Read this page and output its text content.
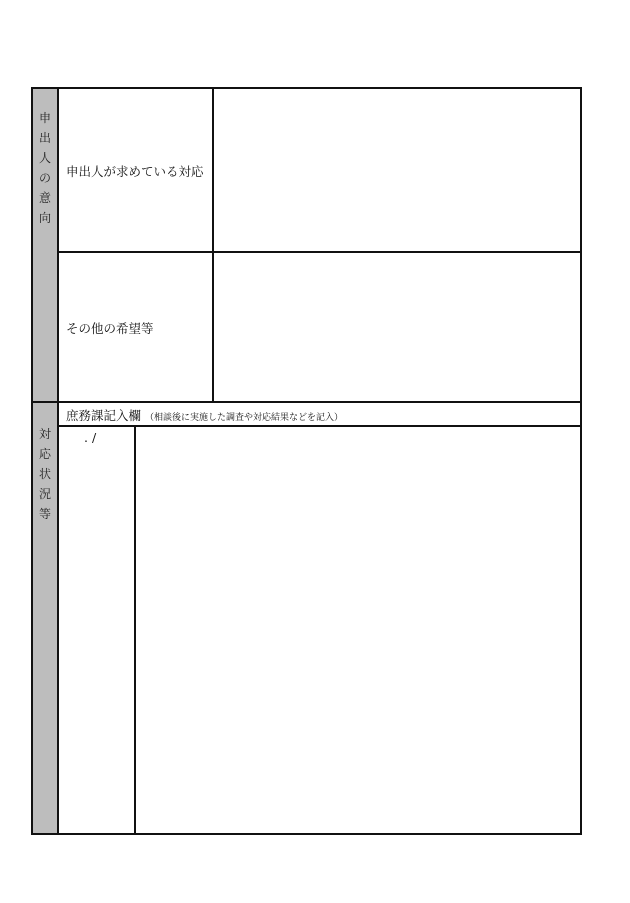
申
出
人
の
意
向
対
応
状
況
等
申出人が求めている対応
その他の希望等
庶務課記入欄 （相談後に実施した調査や対応結果などを記入）
. /
